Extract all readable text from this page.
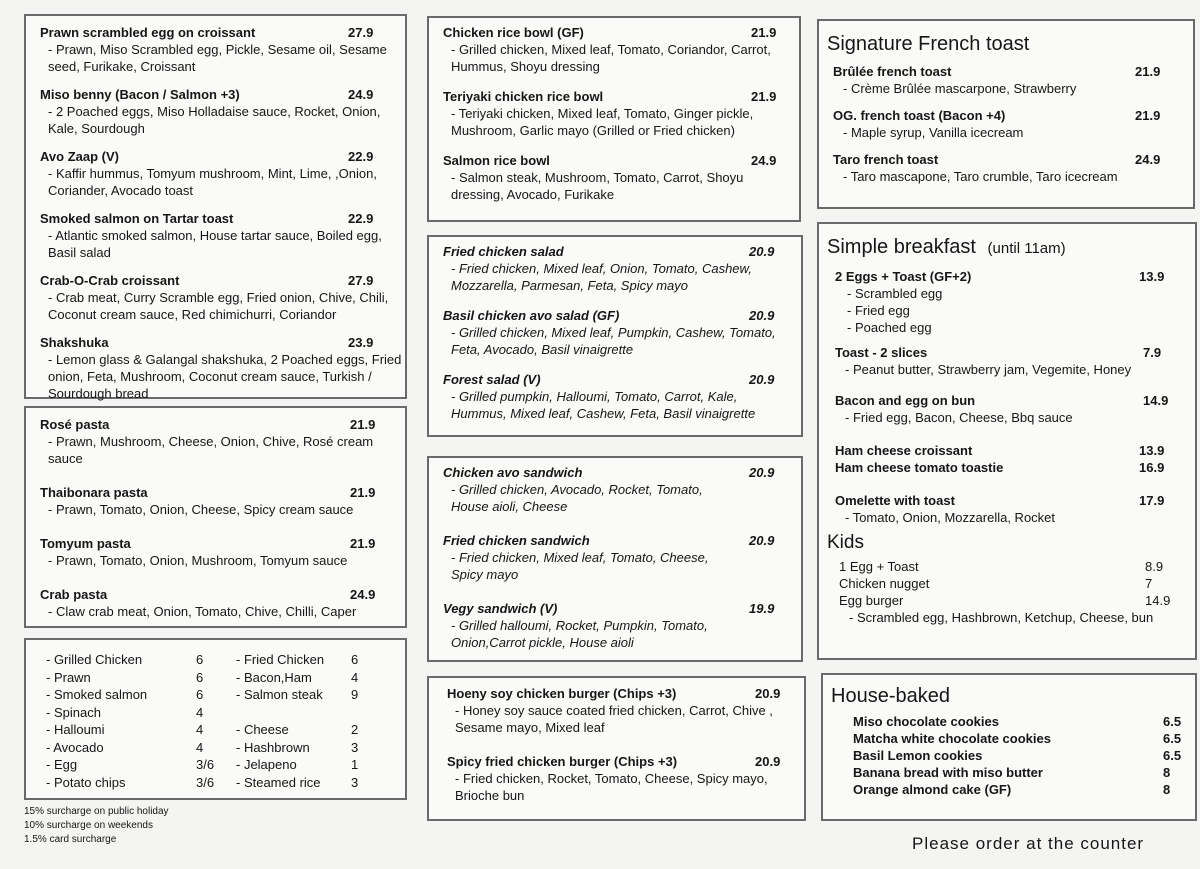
Prawn scrambled egg on croissant	27.9
- Prawn, Miso Scrambled egg, Pickle, Sesame oil, Sesame seed, Furikake, Croissant
Miso benny (Bacon / Salmon +3)	24.9
- 2 Poached eggs, Miso Holladaise sauce, Rocket, Onion, Kale, Sourdough
Avo Zaap (V)	22.9
- Kaffir hummus, Tomyum mushroom, Mint, Lime, ,Onion, Coriander, Avocado toast
Smoked salmon on Tartar toast	22.9
- Atlantic smoked salmon, House tartar sauce, Boiled egg, Basil salad
Crab-O-Crab croissant	27.9
- Crab meat, Curry Scramble egg, Fried onion, Chive, Chili, Coconut cream sauce, Red chimichurri, Coriandor
Shakshuka	23.9
- Lemon glass & Galangal shakshuka, 2 Poached eggs, Fried onion, Feta, Mushroom, Coconut cream sauce, Turkish / Sourdough bread
Rosé pasta	21.9
- Prawn, Mushroom, Cheese, Onion, Chive, Rosé cream sauce
Thaibonara pasta	21.9
- Prawn, Tomato, Onion, Cheese, Spicy cream sauce
Tomyum pasta	21.9
- Prawn, Tomato, Onion, Mushroom, Tomyum sauce
Crab pasta	24.9
- Claw crab meat, Onion, Tomato, Chive, Chilli, Caper
- Grilled Chicken	6	- Fried Chicken	6
- Prawn	6	- Bacon,Ham	4
- Smoked salmon	6	- Salmon steak	9
- Spinach	4
- Halloumi	4	- Cheese	2
- Avocado	4	- Hashbrown	3
- Egg	3/6	- Jelapeno	1
- Potato chips	3/6	- Steamed rice	3
15% surcharge on public holiday
10% surcharge on weekends
1.5% card surcharge
Chicken rice bowl (GF)	21.9
- Grilled chicken, Mixed leaf, Tomato, Coriandor, Carrot, Hummus, Shoyu dressing
Teriyaki chicken rice bowl	21.9
- Teriyaki chicken, Mixed leaf, Tomato, Ginger pickle, Mushroom, Garlic mayo (Grilled or Fried chicken)
Salmon rice bowl	24.9
- Salmon steak, Mushroom, Tomato, Carrot, Shoyu dressing, Avocado, Furikake
Fried chicken salad	20.9
- Fried chicken, Mixed leaf, Onion, Tomato, Cashew, Mozzarella, Parmesan, Feta, Spicy mayo
Basil chicken avo salad (GF)	20.9
- Grilled chicken, Mixed leaf, Pumpkin, Cashew, Tomato, Feta, Avocado, Basil vinaigrette
Forest salad (V)	20.9
- Grilled pumpkin, Halloumi, Tomato, Carrot, Kale, Hummus, Mixed leaf, Cashew, Feta, Basil vinaigrette
Chicken avo sandwich	20.9
- Grilled chicken, Avocado, Rocket, Tomato, House aioli, Cheese
Fried chicken sandwich	20.9
- Fried chicken, Mixed leaf, Tomato, Cheese, Spicy mayo
Vegy sandwich (V)	19.9
- Grilled halloumi, Rocket, Pumpkin, Tomato, Onion,Carrot pickle, House aioli
Hoeny soy chicken burger (Chips +3)	20.9
- Honey soy sauce coated fried chicken, Carrot, Chive , Sesame mayo, Mixed leaf
Spicy fried chicken burger (Chips +3)	20.9
- Fried chicken, Rocket, Tomato, Cheese, Spicy mayo, Brioche bun
Signature French toast
Brûlée french toast	21.9
- Crème Brûlée mascarpone, Strawberry
OG. french toast (Bacon +4)	21.9
- Maple syrup, Vanilla icecream
Taro french toast	24.9
- Taro mascapone, Taro crumble, Taro icecream
Simple breakfast (until 11am)
2 Eggs + Toast (GF+2)	13.9
- Scrambled egg
- Fried egg
- Poached egg
Toast - 2 slices	7.9
- Peanut butter, Strawberry jam, Vegemite, Honey
Bacon and egg on bun	14.9
- Fried egg, Bacon, Cheese, Bbq sauce
Ham cheese croissant	13.9
Ham cheese tomato toastie	16.9
Omelette with toast	17.9
- Tomato, Onion, Mozzarella, Rocket
Kids
1 Egg + Toast	8.9
Chicken nugget	7
Egg burger	14.9
- Scrambled egg, Hashbrown, Ketchup, Cheese, bun
House-baked
Miso chocolate cookies	6.5
Matcha white chocolate cookies	6.5
Basil Lemon cookies	6.5
Banana bread with miso butter	8
Orange almond cake (GF)	8
Please order at the counter
